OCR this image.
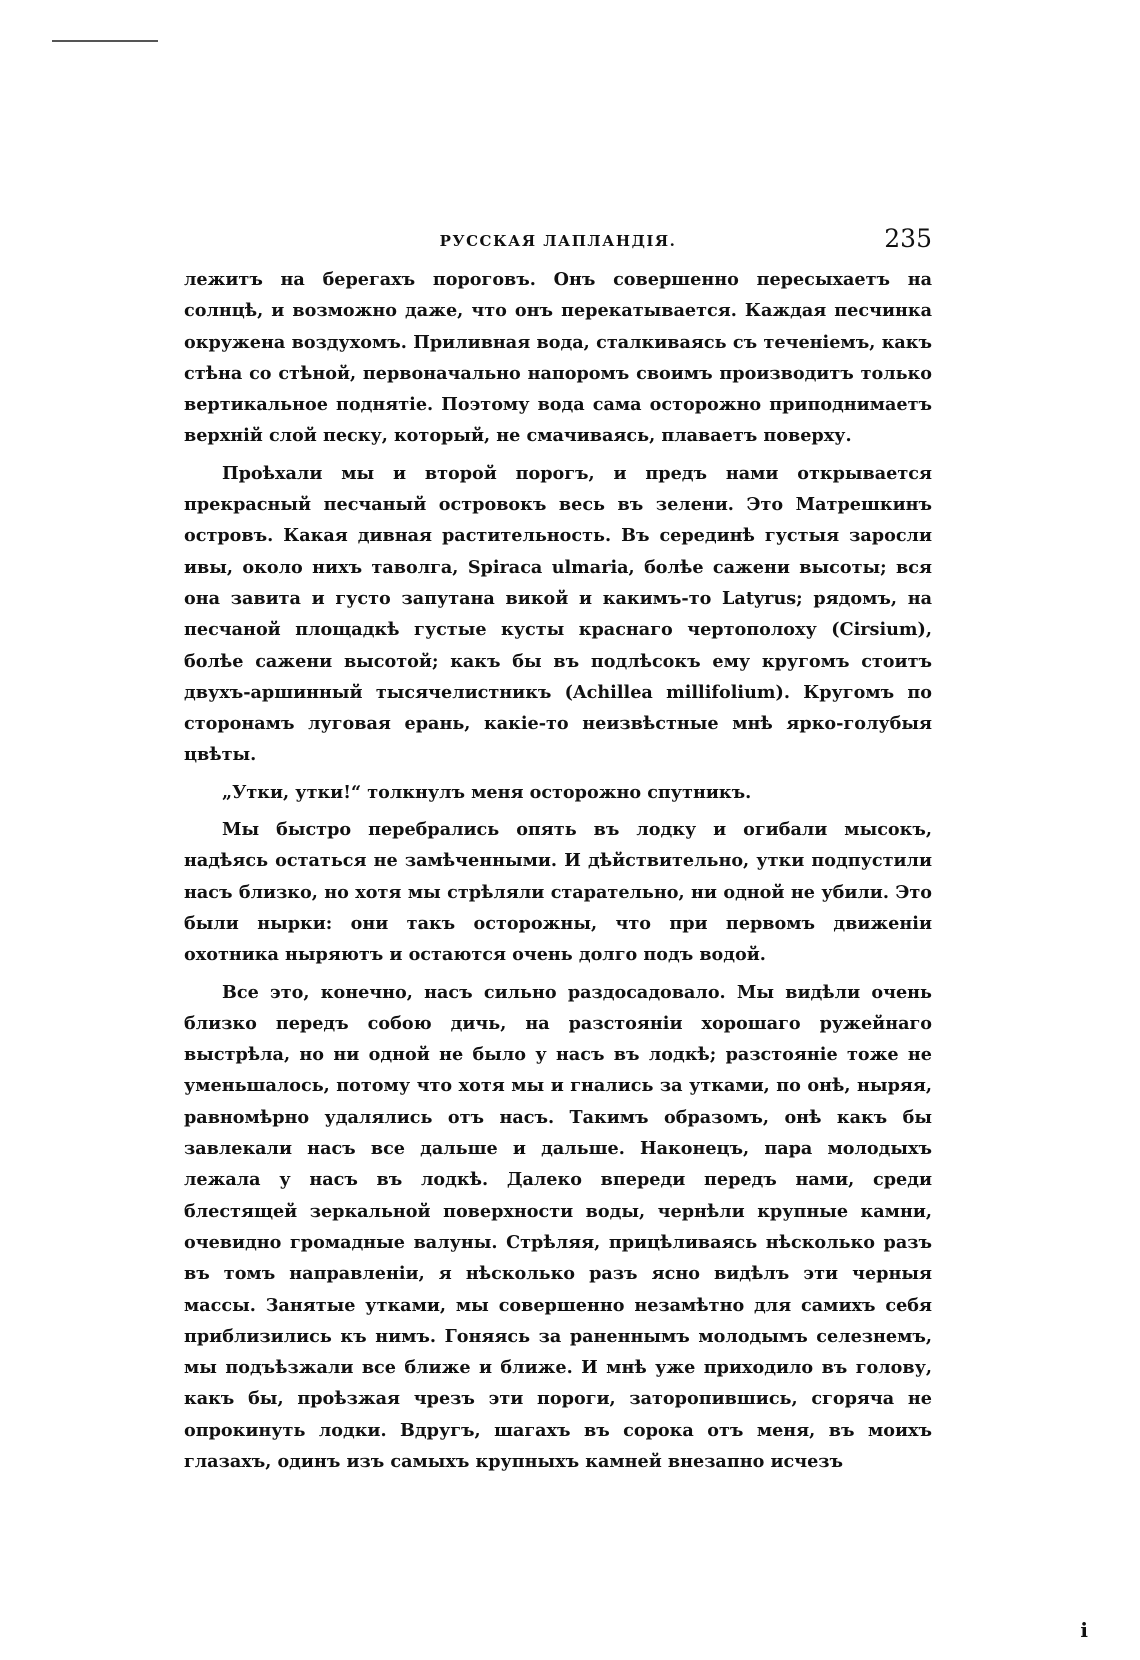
РУССКАЯ ЛАПЛАНДІЯ.	235

лежитъ на берегахъ пороговъ. Онъ совершенно пересыхаетъ на солнцѣ, и возможно даже, что онъ перекатывается. Каждая песчинка окружена воздухомъ. Приливная вода, сталкиваясь съ теченіемъ, какъ стѣна со стѣной, первоначально напоромъ своимъ производитъ только вертикальное поднятіе. Поэтому вода сама осторожно приподнимаетъ верхній слой песку, который, не смачиваясь, плаваетъ поверху.

Проѣхали мы и второй порогъ, и предъ нами открывается прекрасный песчаный островокъ весь въ зелени. Это Матрешкинъ островъ. Какая дивная растительность. Въ серединѣ густыя заросли ивы, около нихъ таволга, Spiraca ulmaria, болѣе сажени высоты; вся она завита и густо запутана викой и какимъ-то Latyrus; рядомъ, на песчаной площадкѣ густые кусты краснаго чертополоху (Cirsium), болѣе сажени высотой; какъ бы въ подлѣсокъ ему кругомъ стоитъ двухъ-аршинный тысячелистникъ (Achillea millifolium). Кругомъ по сторонамъ луговая ерань, какіе-то неизвѣстные мнѣ ярко-голубыя цвѣты.

„Утки, утки!“ толкнулъ меня осторожно спутникъ.

Мы быстро перебрались опять въ лодку и огибали мысокъ, надѣясь остаться не замѣченными. И дѣйствительно, утки подпустили насъ близко, но хотя мы стрѣляли старательно, ни одной не убили. Это были нырки: они такъ осторожны, что при первомъ движеніи охотника ныряютъ и остаются очень долго подъ водой.

Все это, конечно, насъ сильно раздосадовало. Мы видѣли очень близко передъ собою дичь, на разстояніи хорошаго ружейнаго выстрѣла, но ни одной не было у насъ въ лодкѣ; разстояніе тоже не уменьшалось, потому что хотя мы и гнались за утками, по онѣ, ныряя, равномѣрно удалялись отъ насъ. Такимъ образомъ, онѣ какъ бы завлекали насъ все дальше и дальше. Наконецъ, пара молодыхъ лежала у насъ въ лодкѣ. Далеко впереди передъ нами, среди блестящей зеркальной поверхности воды, чернѣли крупные камни, очевидно громадные валуны. Стрѣляя, прицѣливаясь нѣсколько разъ въ томъ направленіи, я нѣсколько разъ ясно видѣлъ эти черныя массы. Занятые утками, мы совершенно незамѣтно для самихъ себя приблизились къ нимъ. Гоняясь за раненнымъ молодымъ селезнемъ, мы подъѣзжали все ближе и ближе. И мнѣ уже приходило въ голову, какъ бы, проѣзжая чрезъ эти пороги, заторопившись, сгоряча не опрокинуть лодки. Вдругъ, шагахъ въ сорока отъ меня, въ моихъ глазахъ, одинъ изъ самыхъ крупныхъ камней внезапно исчезъ

ⅰ
